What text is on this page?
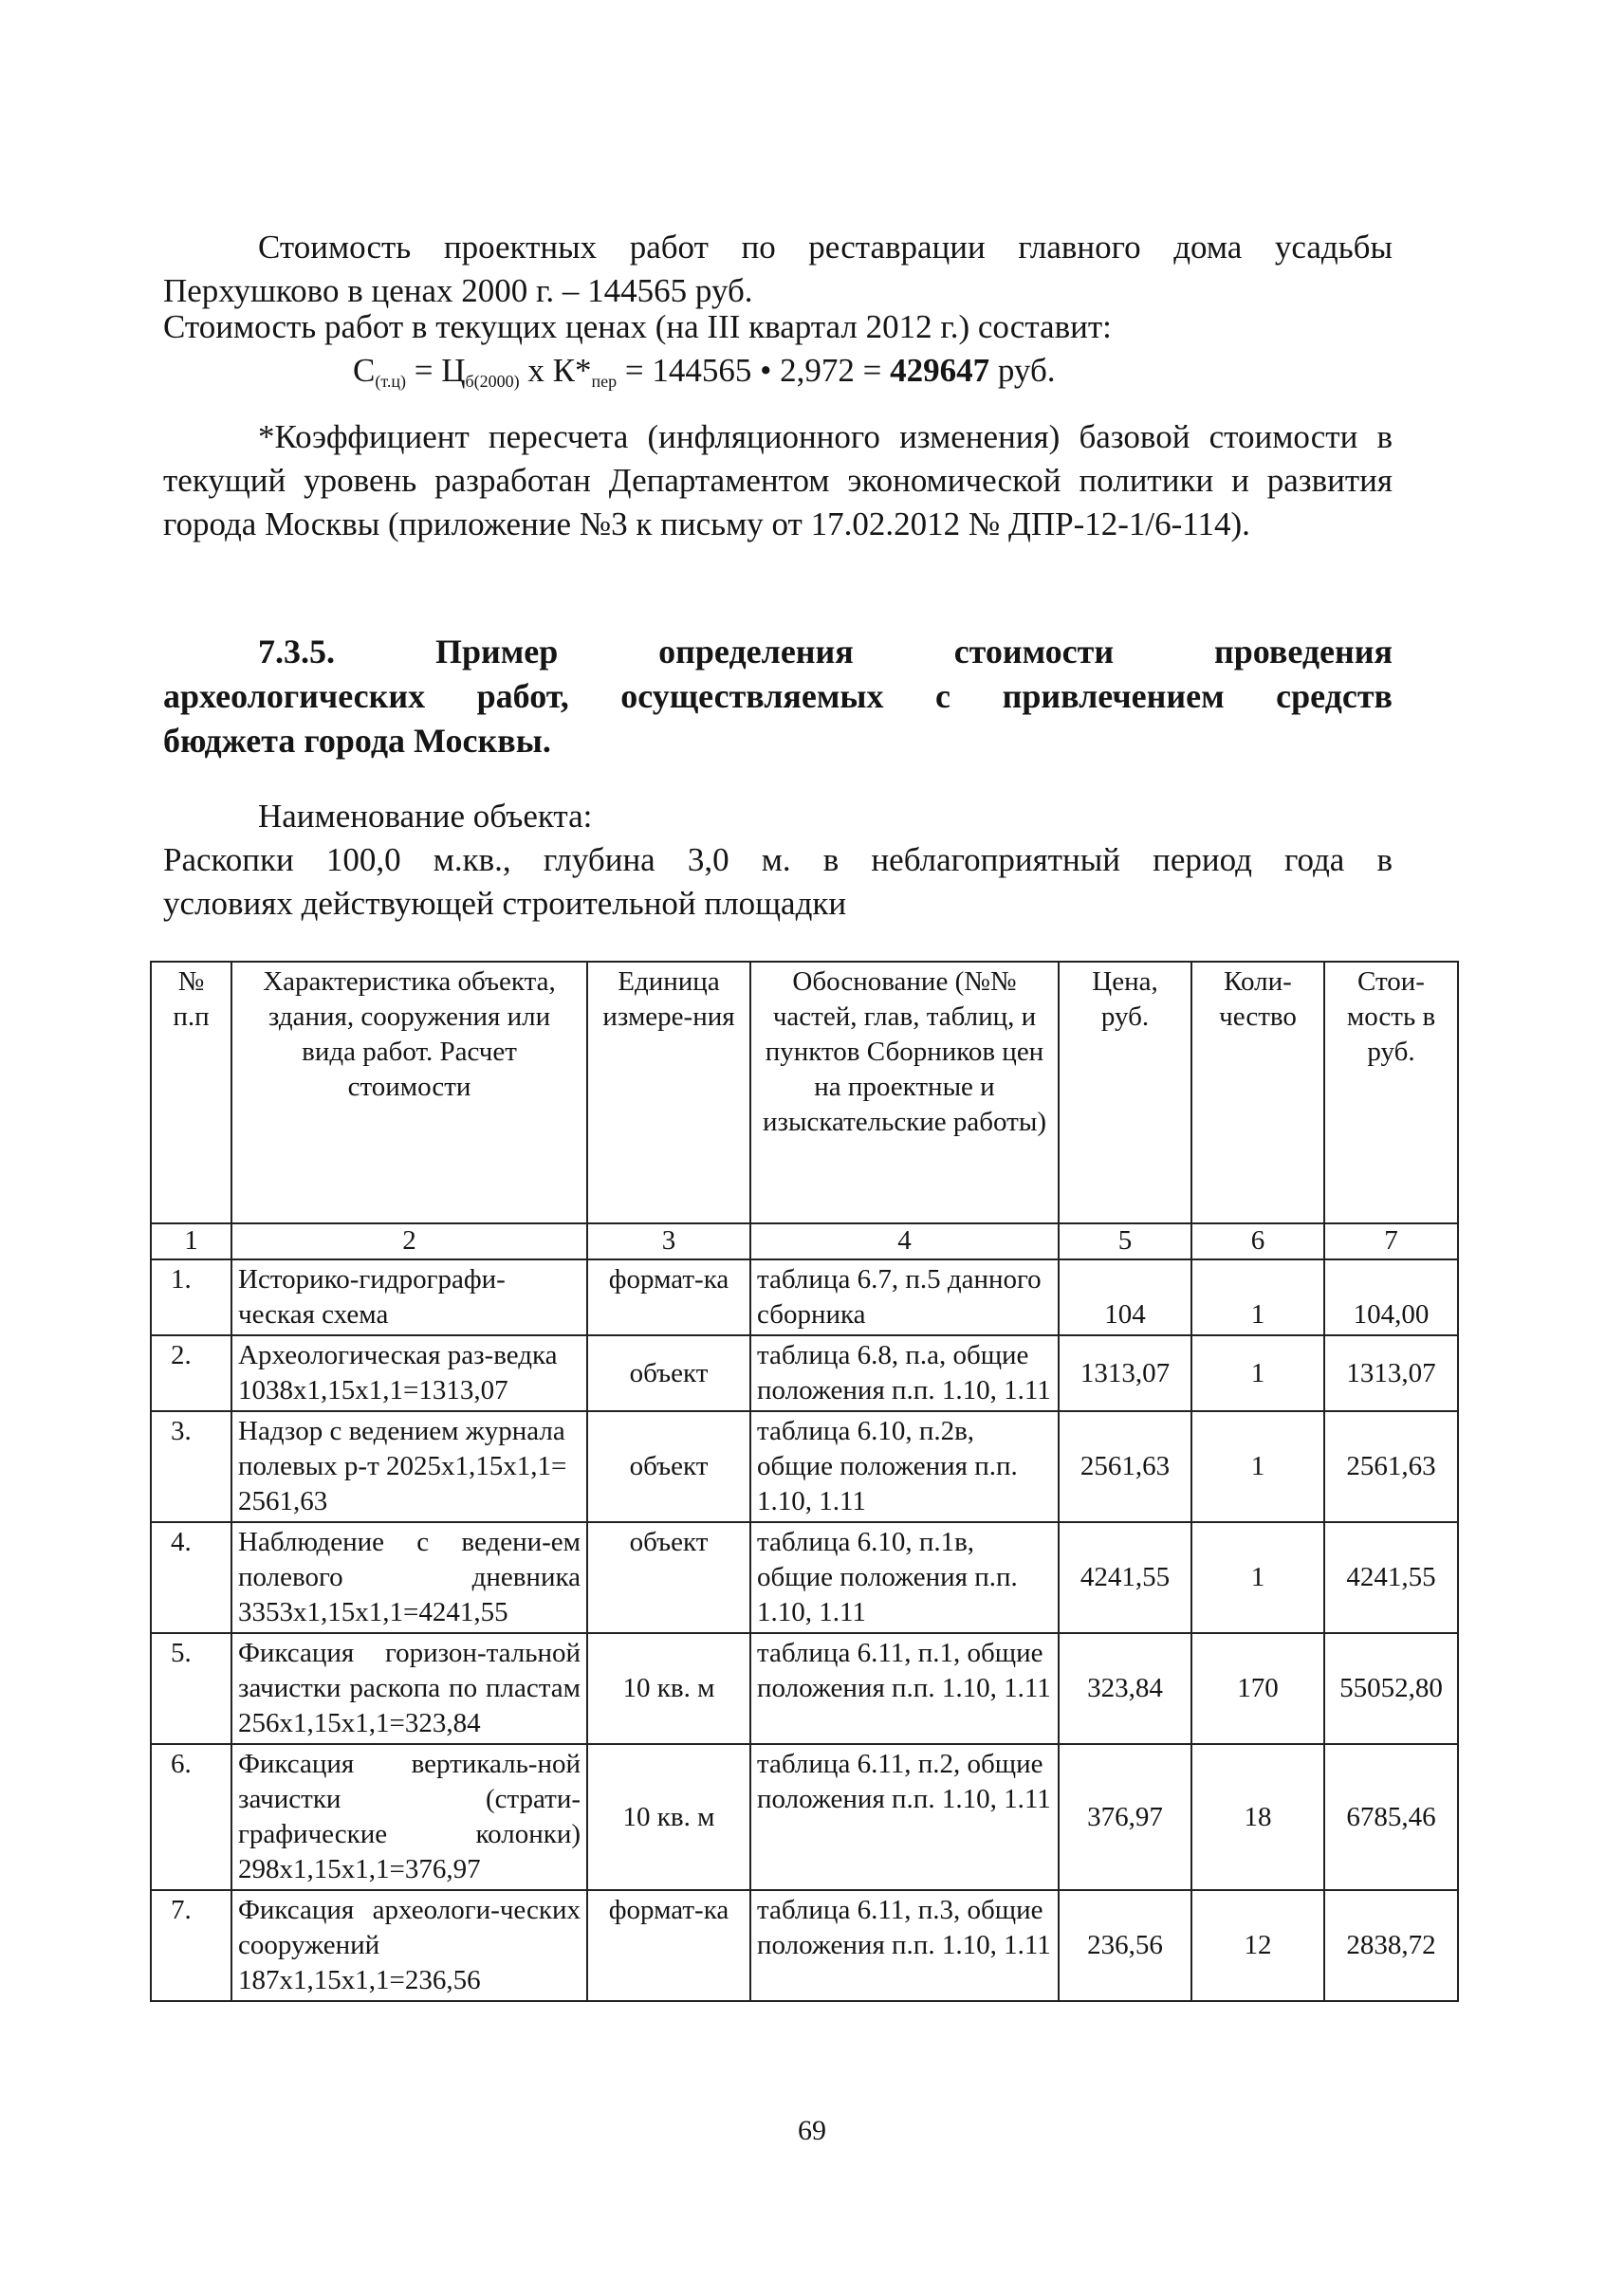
Стоимость проектных работ по реставрации главного дома усадьбы
Перхушково в ценах 2000 г. – 144565 руб.
Стоимость работ в текущих ценах (на III квартал 2012 г.) составит:
$С_{(т.ц)} = Ц_{б(2000)}$ х $К*_{пер} = 144565$ • 2,972 = 429647 руб.
*Коэффициент пересчета (инфляционного изменения) базовой стоимости в текущий уровень разработан Департаментом экономической политики и развития города Москвы (приложение №3 к письму от 17.02.2012 № ДПР-12-1/6-114).
7.3.5.  Пример  определения  стоимости  проведения
археологических работ, осуществляемых с привлечением средств
бюджета города Москвы.
Наименование объекта:
Раскопки 100,0 м.кв., глубина 3,0 м. в неблагоприятный период года в
условиях действующей строительной площадки
№ п.п	Характеристика объекта, здания, сооружения или вида работ. Расчет стоимости	Единица измере-ния	Обоснование (№№ частей, глав, таблиц, и пунктов Сборников цен на проектные и изыскательские работы)	Цена, руб.	Коли-чество	Стои-мость в руб.
1	2	3	4	5	6	7
1.	Историко-гидрографи-ческая схема	формат-ка	таблица 6.7, п.5 данного сборника	104	1	104,00
2.	Археологическая раз-ведка 1038х1,15х1,1=1313,07	объект	таблица 6.8, п.а, общие положения п.п. 1.10, 1.11	1313,07	1	1313,07
3.	Надзор с ведением журнала полевых р-т 2025х1,15х1,1= 2561,63	объект	таблица 6.10, п.2в, общие положения п.п. 1.10, 1.11	2561,63	1	2561,63
4.	Наблюдение с ведени-ем полевого дневника 3353х1,15х1,1=4241,55	объект	таблица 6.10, п.1в, общие положения п.п. 1.10, 1.11	4241,55	1	4241,55
5.	Фиксация горизон-тальной зачистки раскопа по пластам 256х1,15х1,1=323,84	10 кв. м	таблица 6.11, п.1, общие положения п.п. 1.10, 1.11	323,84	170	55052,80
6.	Фиксация вертикаль-ной зачистки (страти-графические колонки) 298х1,15х1,1=376,97	10 кв. м	таблица 6.11, п.2, общие положения п.п. 1.10, 1.11	376,97	18	6785,46
7.	Фиксация археологи-ческих сооружений 187х1,15х1,1=236,56	формат-ка	таблица 6.11, п.3, общие положения п.п. 1.10, 1.11	236,56	12	2838,72
69
